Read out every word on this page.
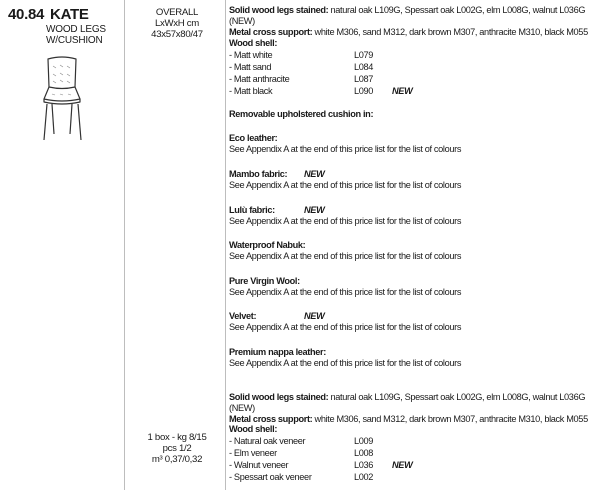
40.84 KATE
WOOD LEGS
W/CUSHION
OVERALL
LxWxH cm
43x57x80/47
1 box - kg 8/15
pcs 1/2
m³ 0,37/0,32
Solid wood legs stained: natural oak L109G, Spessart oak L002G, elm L008G, walnut L036G (NEW)
Metal cross support: white M306, sand M312, dark brown M307, anthracite M310, black M055
Wood shell:
- Matt white	L079
- Matt sand	L084
- Matt anthracite	L087
- Matt black	L090 NEW
Removable upholstered cushion in:
Eco leather:
See Appendix A at the end of this price list for the list of colours
Mambo fabric: NEW
See Appendix A at the end of this price list for the list of colours
Lulù fabric:	NEW
See Appendix A at the end of this price list for the list of colours
Waterproof Nabuk:
See Appendix A at the end of this price list for the list of colours
Pure Virgin Wool:
See Appendix A at the end of this price list for the list of colours
Velvet:	NEW
See Appendix A at the end of this price list for the list of colours
Premium nappa leather:
See Appendix A at the end of this price list for the list of colours
Solid wood legs stained: natural oak L109G, Spessart oak L002G, elm L008G, walnut L036G (NEW)
Metal cross support: white M306, sand M312, dark brown M307, anthracite M310, black M055
Wood shell:
- Natural oak veneer	L009
- Elm veneer	L008
- Walnut veneer	L036 NEW
- Spessart oak veneer	L002
